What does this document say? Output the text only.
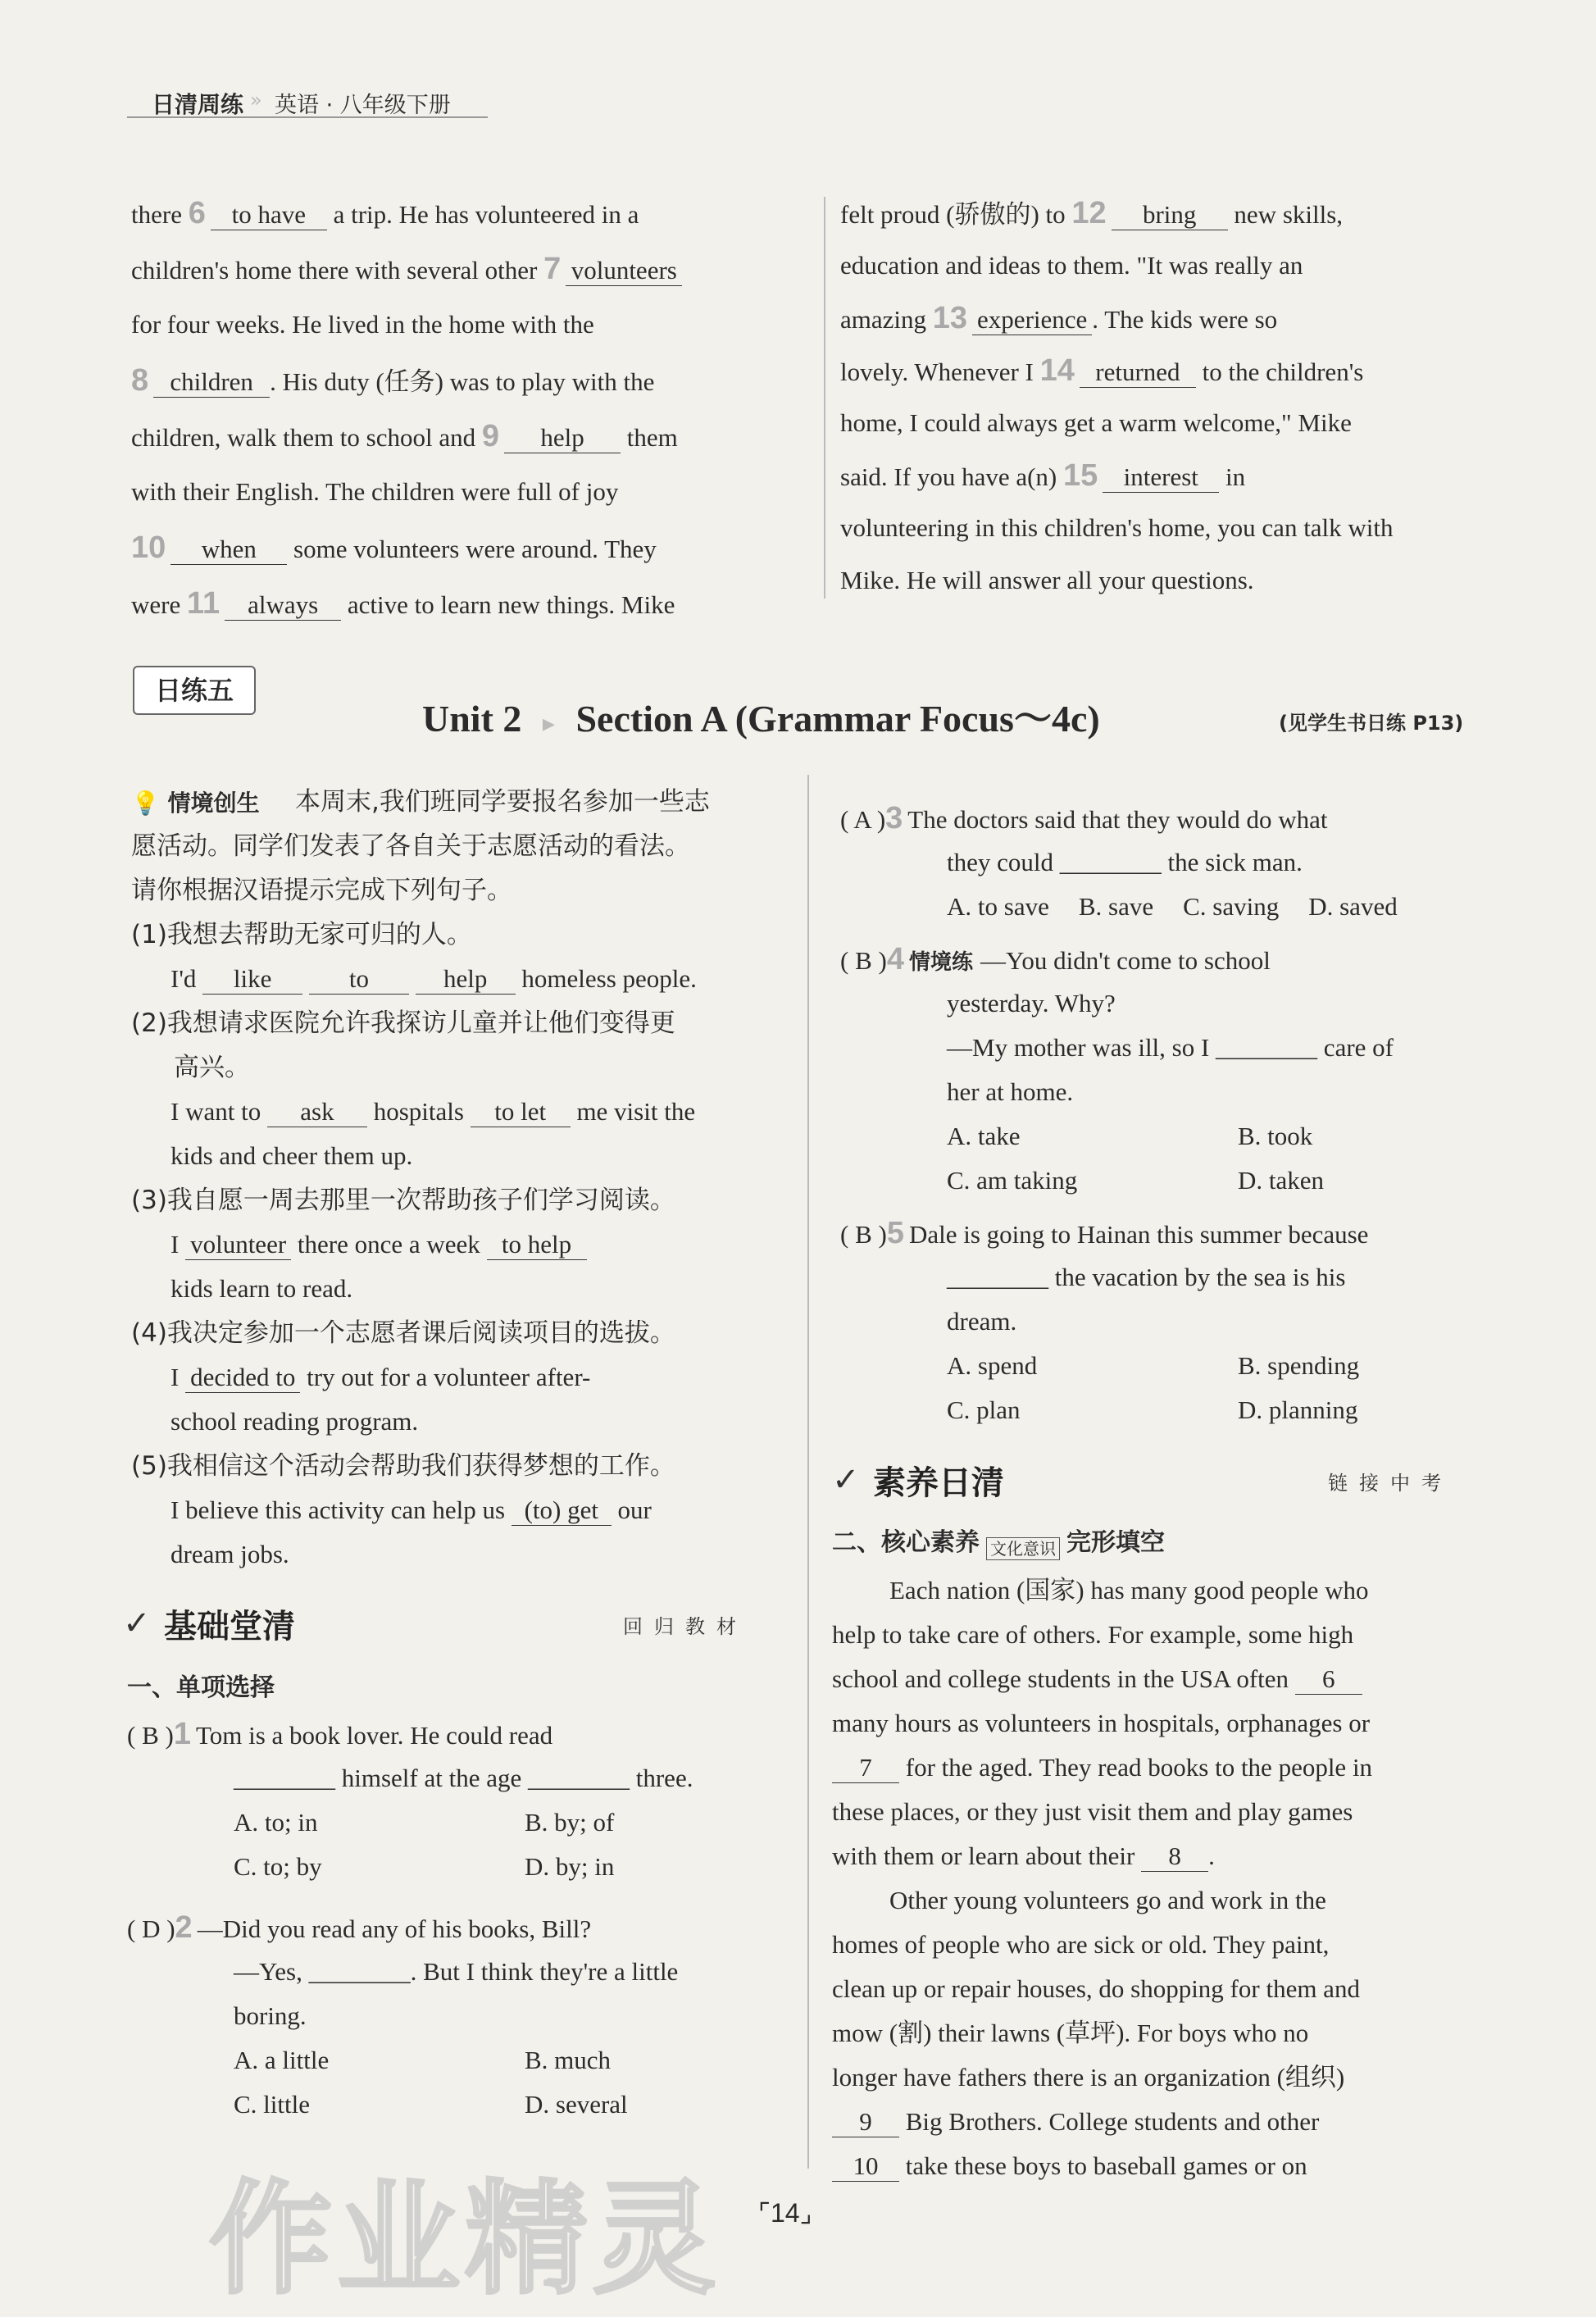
日清周练 » 英语 · 八年级下册
there 6 to have a trip. He has volunteered in a
children's home there with several other 7 volunteers
for four weeks. He lived in the home with the
8 children . His duty (任务) was to play with the
children, walk them to school and 9 help them
with their English. The children were full of joy
10 when some volunteers were around. They
were 11 always active to learn new things. Mike
felt proud (骄傲的) to 12 bring new skills,
education and ideas to them. "It was really an
amazing 13 experience . The kids were so
lovely. Whenever I 14 returned to the children's
home, I could always get a warm welcome," Mike
said. If you have a(n) 15 interest in
volunteering in this children's home, you can talk with
Mike. He will answer all your questions.
日练五
Unit 2 ▸ Section A (Grammar Focus～4c)	(见学生书日练 P13)
💡 情境创生 本周末,我们班同学要报名参加一些志
愿活动。同学们发表了各自关于志愿活动的看法。
请你根据汉语提示完成下列句子。
(1)我想去帮助无家可归的人。
I'd like	to	help homeless people.
(2)我想请求医院允许我探访儿童并让他们变得更
高兴。
I want to ask hospitals to let me visit the
kids and cheer them up.
(3)我自愿一周去那里一次帮助孩子们学习阅读。
I volunteer there once a week to help
kids learn to read.
(4)我决定参加一个志愿者课后阅读项目的选拔。
I decided to try out for a volunteer after-
school reading program.
(5)我相信这个活动会帮助我们获得梦想的工作。
I believe this activity can help us (to) get our
dream jobs.
✓ 基础堂清	回归教材
一、单项选择
( B )1 Tom is a book lover. He could read
________ himself at the age ________ three.
A. to; in	B. by; of
C. to; by	D. by; in
( D )2 —Did you read any of his books, Bill?
—Yes, ________. But I think they're a little
boring.
A. a little	B. much
C. little	D. several
( A )3 The doctors said that they would do what
they could ________ the sick man.
A. to save B. save C. saving D. saved
( B )4 情境练 —You didn't come to school
yesterday. Why?
—My mother was ill, so I ________ care of
her at home.
A. take	B. took
C. am taking	D. taken
( B )5 Dale is going to Hainan this summer because
________ the vacation by the sea is his
dream.
A. spend	B. spending
C. plan	D. planning
✓ 素养日清	链接中考
二、核心素养 文化意识 完形填空
Each nation (国家) has many good people who
help to take care of others. For example, some high
school and college students in the USA often 6
many hours as volunteers in hospitals, orphanages or
7 for the aged. They read books to the people in
these places, or they just visit them and play games
with them or learn about their 8 .
Other young volunteers go and work in the
homes of people who are sick or old. They paint,
clean up or repair houses, do shopping for them and
mow (割) their lawns (草坪). For boys who no
longer have fathers there is an organization (组织)
9 Big Brothers. College students and other
10 take these boys to baseball games or on
⌜14⌟
作业精灵
